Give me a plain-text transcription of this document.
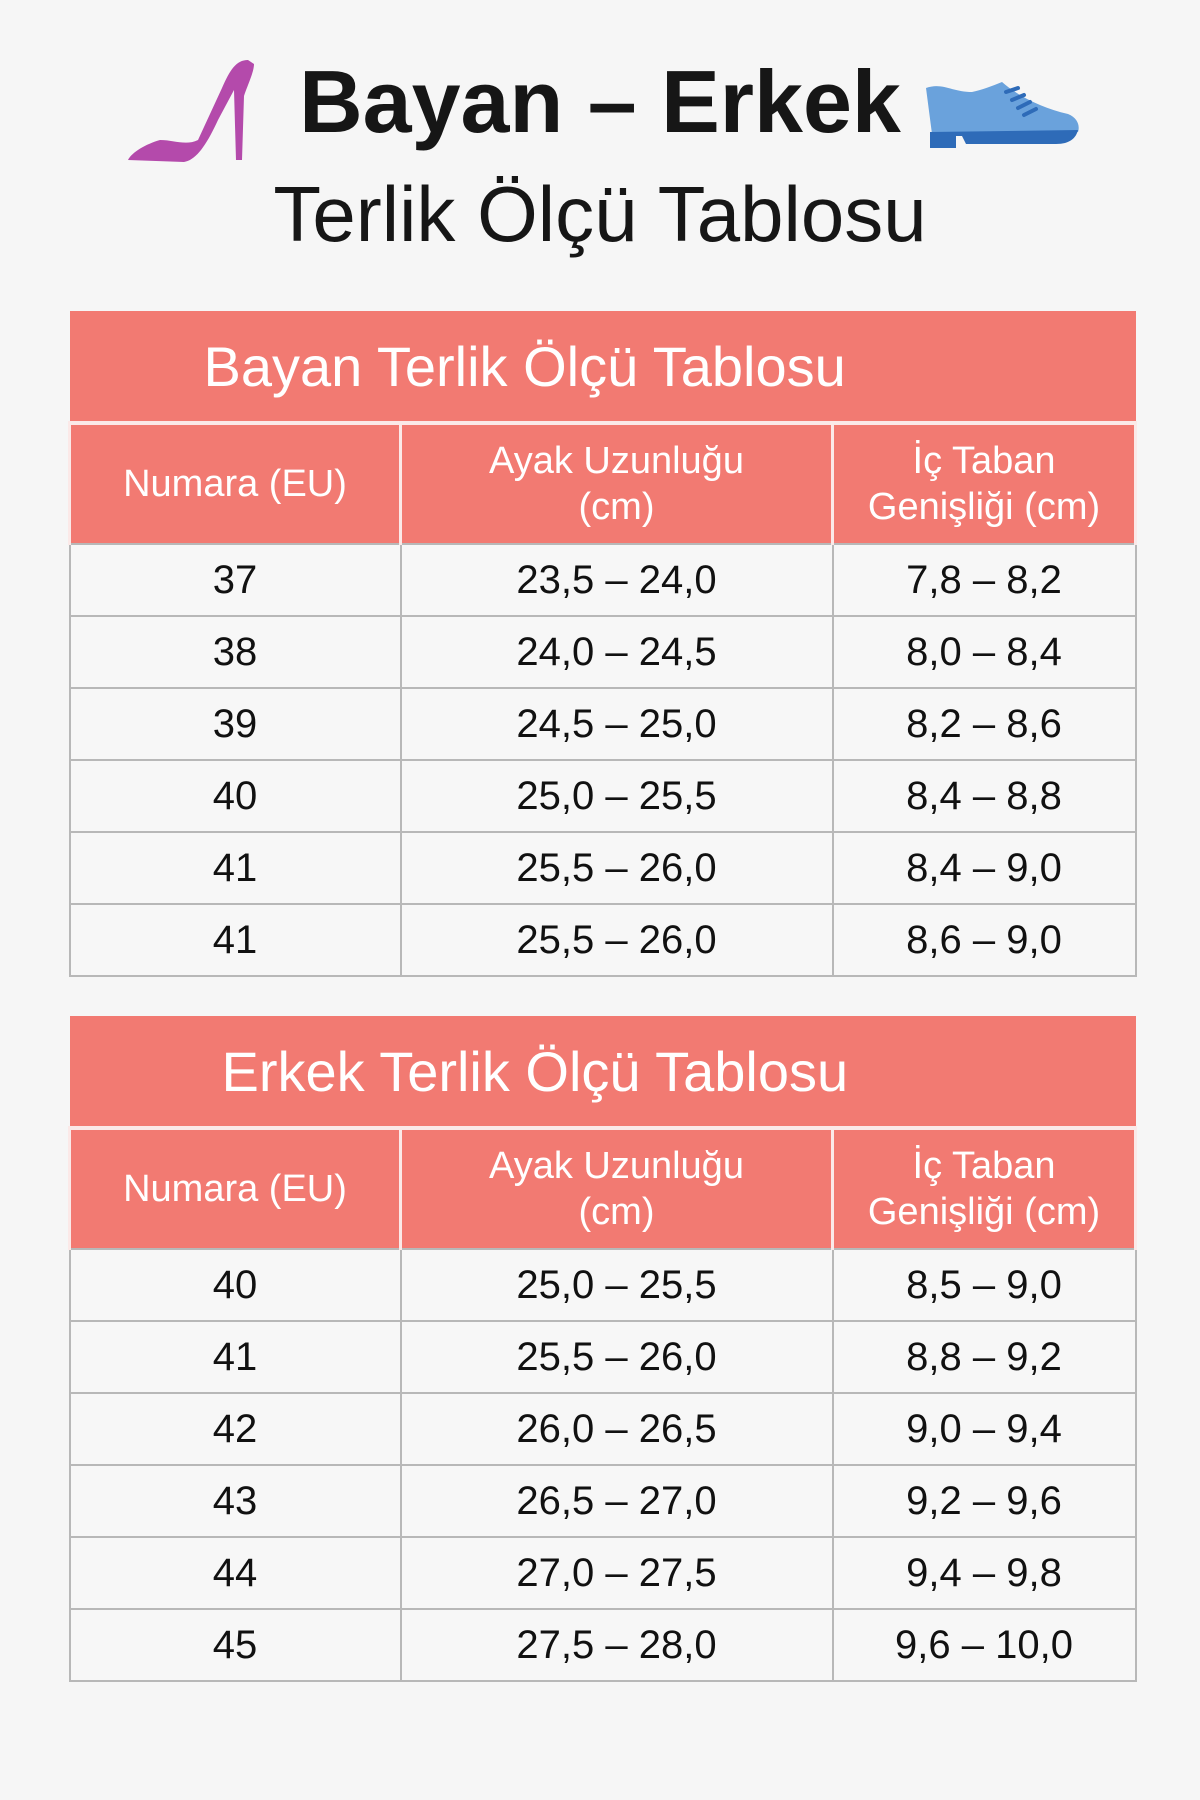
Bayan – Erkek
Terlik Ölçü Tablosu
Bayan Terlik Ölçü Tablosu		
Numara (EU)	Ayak Uzunluğu (cm)	İç Taban Genişliği (cm)
37	23,5 – 24,0	7,8 – 8,2
38	24,0 – 24,5	8,0 – 8,4
39	24,5 – 25,0	8,2 – 8,6
40	25,0 – 25,5	8,4 – 8,8
41	25,5 – 26,0	8,4 – 9,0
41	25,5 – 26,0	8,6 – 9,0
Erkek Terlik Ölçü Tablosu		
Numara (EU)	Ayak Uzunluğu (cm)	İç Taban Genişliği (cm)
40	25,0 – 25,5	8,5 – 9,0
41	25,5 – 26,0	8,8 – 9,2
42	26,0 – 26,5	9,0 – 9,4
43	26,5 – 27,0	9,2 – 9,6
44	27,0 – 27,5	9,4 – 9,8
45	27,5 – 28,0	9,6 – 10,0
